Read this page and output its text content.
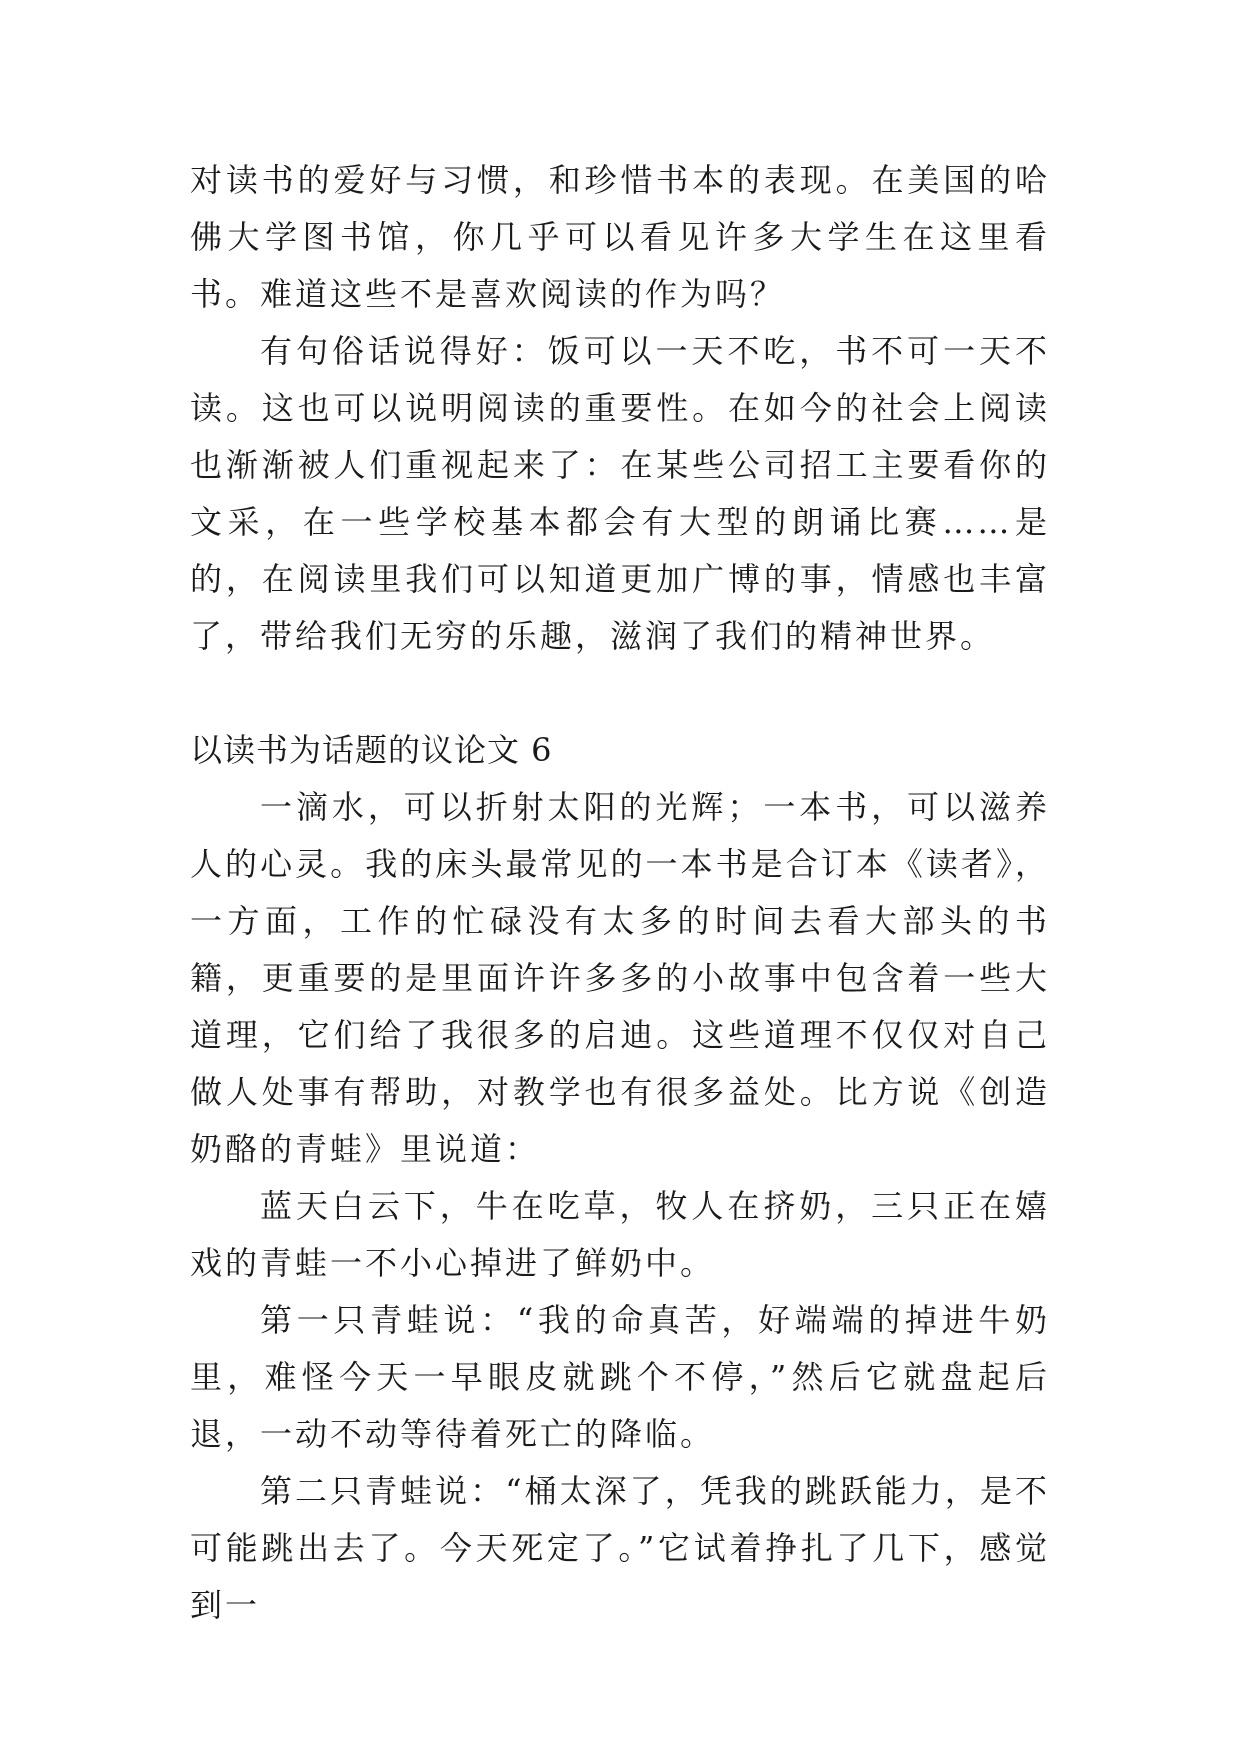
对读书的爱好与习惯，和珍惜书本的表现。在美国的哈佛大学图书馆，你几乎可以看见许多大学生在这里看书。难道这些不是喜欢阅读的作为吗？

有句俗话说得好：饭可以一天不吃，书不可一天不读。这也可以说明阅读的重要性。在如今的社会上阅读也渐渐被人们重视起来了：在某些公司招工主要看你的文采，在一些学校基本都会有大型的朗诵比赛……是的，在阅读里我们可以知道更加广博的事，情感也丰富了，带给我们无穷的乐趣，滋润了我们的精神世界。

以读书为话题的议论文 6

一滴水，可以折射太阳的光辉；一本书，可以滋养人的心灵。我的床头最常见的一本书是合订本《读者》，一方面，工作的忙碌没有太多的时间去看大部头的书籍，更重要的是里面许许多多的小故事中包含着一些大道理，它们给了我很多的启迪。这些道理不仅仅对自己做人处事有帮助，对教学也有很多益处。比方说《创造奶酪的青蛙》里说道：

蓝天白云下，牛在吃草，牧人在挤奶，三只正在嬉戏的青蛙一不小心掉进了鲜奶中。

第一只青蛙说：“我的命真苦，好端端的掉进牛奶里，难怪今天一早眼皮就跳个不停，”然后它就盘起后退，一动不动等待着死亡的降临。

第二只青蛙说：“桶太深了，凭我的跳跃能力，是不可能跳出去了。今天死定了。”它试着挣扎了几下，感觉到一
